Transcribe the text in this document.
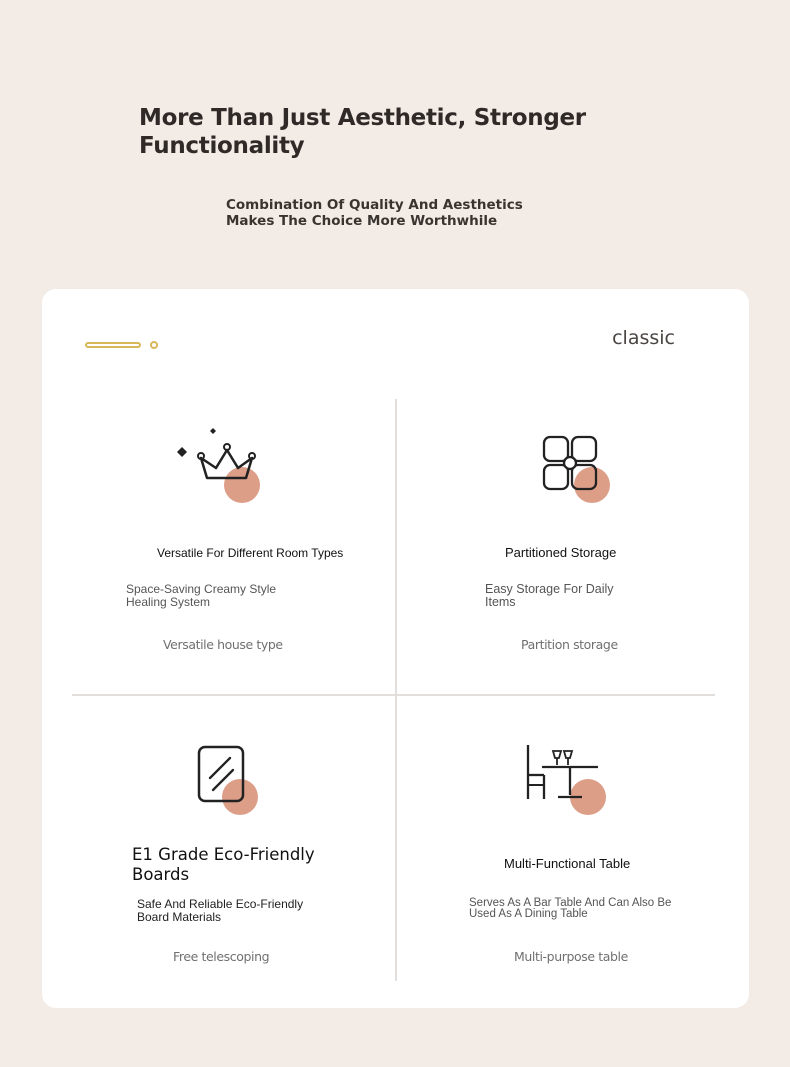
More Than Just Aesthetic, Stronger Functionality
Combination Of Quality And Aesthetics Makes The Choice More Worthwhile
classic
Versatile For Different Room Types
Space-Saving Creamy Style Healing System
Versatile house type
Partitioned Storage
Easy Storage For Daily Items
Partition storage
E1 Grade Eco-Friendly Boards
Safe And Reliable Eco-Friendly Board Materials
Free telescoping
Multi-Functional Table
Serves As A Bar Table And Can Also Be Used As A Dining Table
Multi-purpose table
